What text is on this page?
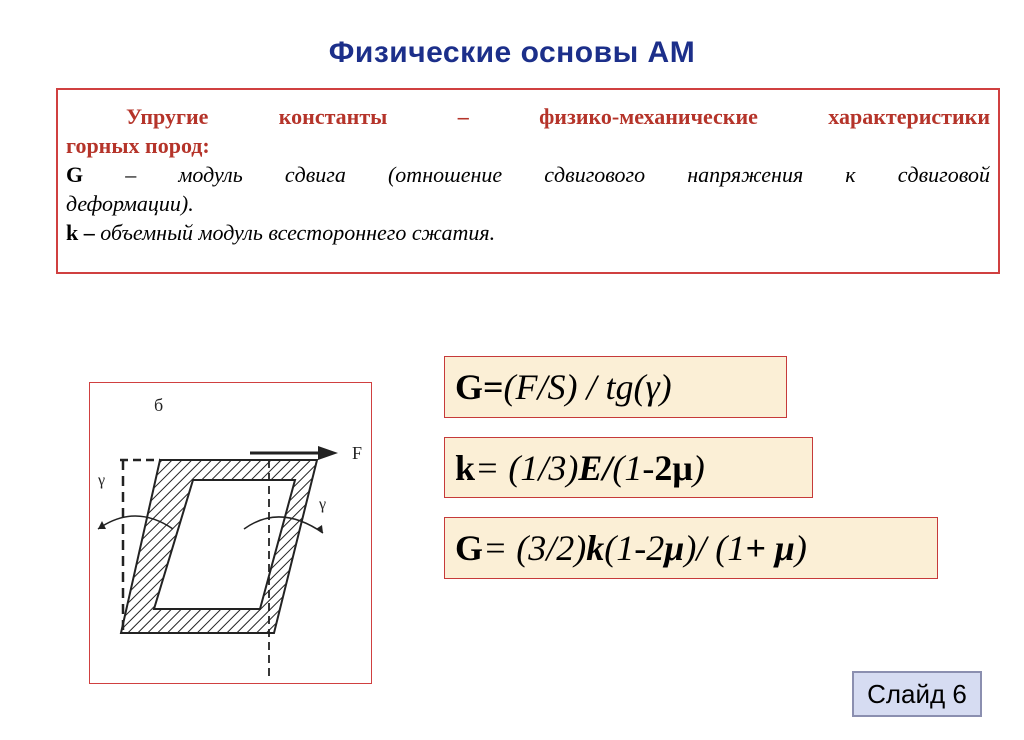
Физические основы АМ
Упругие константы – физико-механические характеристики
горных пород:
G – модуль сдвига (отношение сдвигового напряжения к сдвиговой
деформации).
k – объемный модуль всестороннего сжатия.
б
F
γ
γ
G= (F/S) / tg(γ)
k = (1/3) E/ (1- 2μ )
G = (3/2) k (1-2 μ )/ (1 + μ )
Слайд 6
